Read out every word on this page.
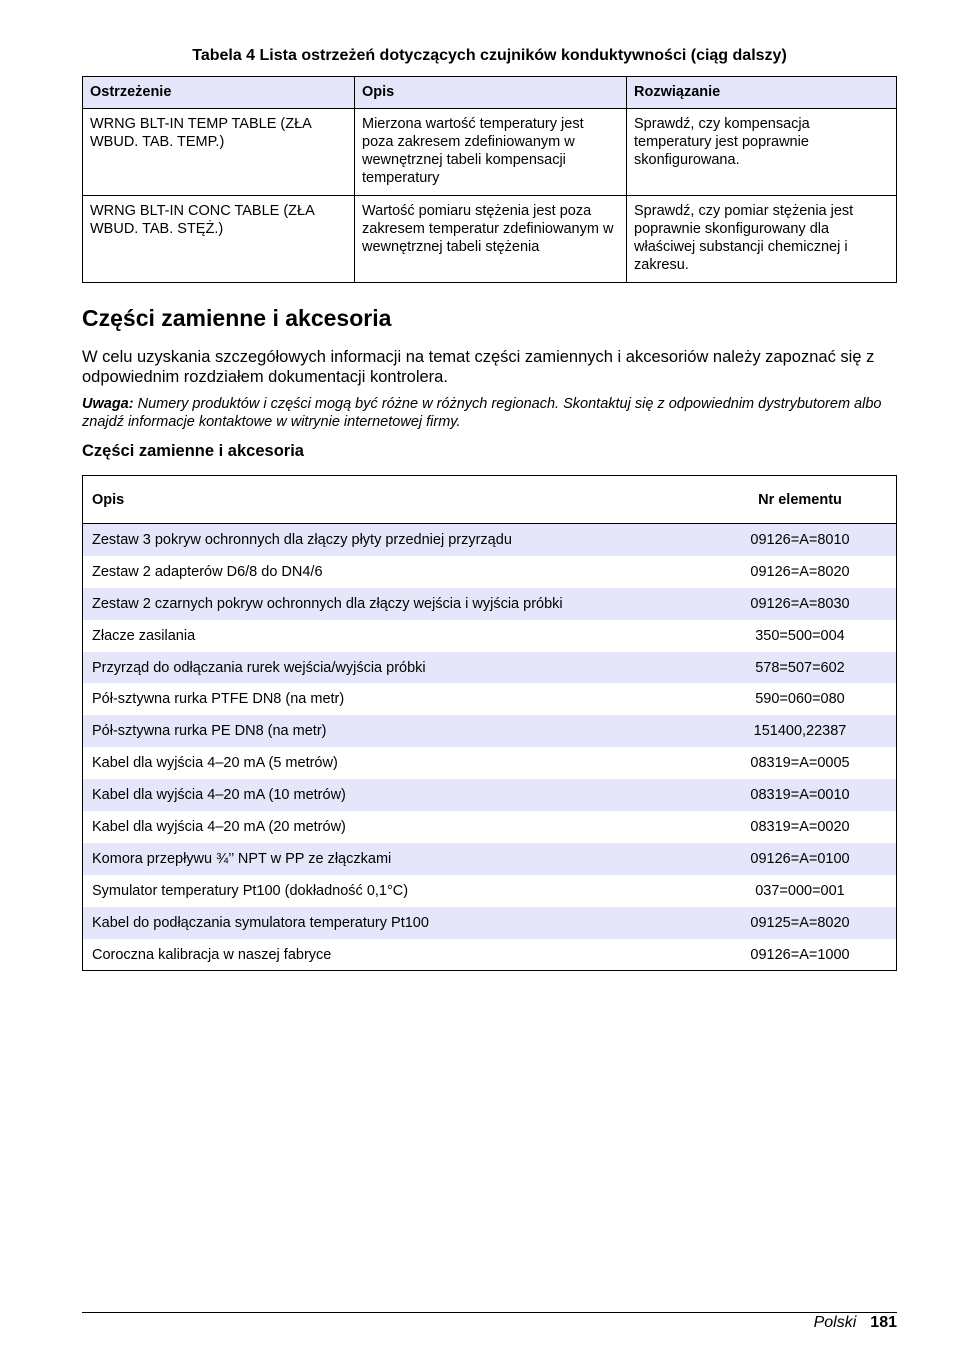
Tabela 4 Lista ostrzeżeń dotyczących czujników konduktywności (ciąg dalszy)
Ostrzeżenie	Opis	Rozwiązanie
WRNG BLT-IN TEMP TABLE (ZŁA WBUD. TAB. TEMP.)	Mierzona wartość temperatury jest poza zakresem zdefiniowanym w wewnętrznej tabeli kompensacji temperatury	Sprawdź, czy kompensacja temperatury jest poprawnie skonfigurowana.
WRNG BLT-IN CONC TABLE (ZŁA WBUD. TAB. STĘŻ.)	Wartość pomiaru stężenia jest poza zakresem temperatur zdefiniowanym w wewnętrznej tabeli stężenia	Sprawdź, czy pomiar stężenia jest poprawnie skonfigurowany dla właściwej substancji chemicznej i zakresu.
Części zamienne i akcesoria
W celu uzyskania szczegółowych informacji na temat części zamiennych i akcesoriów należy zapoznać się z odpowiednim rozdziałem dokumentacji kontrolera.
Uwaga: Numery produktów i części mogą być różne w różnych regionach. Skontaktuj się z odpowiednim dystrybutorem albo znajdź informacje kontaktowe w witrynie internetowej firmy.
Części zamienne i akcesoria
Opis	Nr elementu
Zestaw 3 pokryw ochronnych dla złączy płyty przedniej przyrządu	09126=A=8010
Zestaw 2 adapterów D6/8 do DN4/6	09126=A=8020
Zestaw 2 czarnych pokryw ochronnych dla złączy wejścia i wyjścia próbki	09126=A=8030
Złacze zasilania	350=500=004
Przyrząd do odłączania rurek wejścia/wyjścia próbki	578=507=602
Pół-sztywna rurka PTFE DN8 (na metr)	590=060=080
Pół-sztywna rurka PE DN8 (na metr)	151400,22387
Kabel dla wyjścia 4–20 mA (5 metrów)	08319=A=0005
Kabel dla wyjścia 4–20 mA (10 metrów)	08319=A=0010
Kabel dla wyjścia 4–20 mA (20 metrów)	08319=A=0020
Komora przepływu ¾’’ NPT w PP ze złączkami	09126=A=0100
Symulator temperatury Pt100 (dokładność 0,1°C)	037=000=001
Kabel do podłączania symulatora temperatury Pt100	09125=A=8020
Coroczna kalibracja w naszej fabryce	09126=A=1000
Polski 181
